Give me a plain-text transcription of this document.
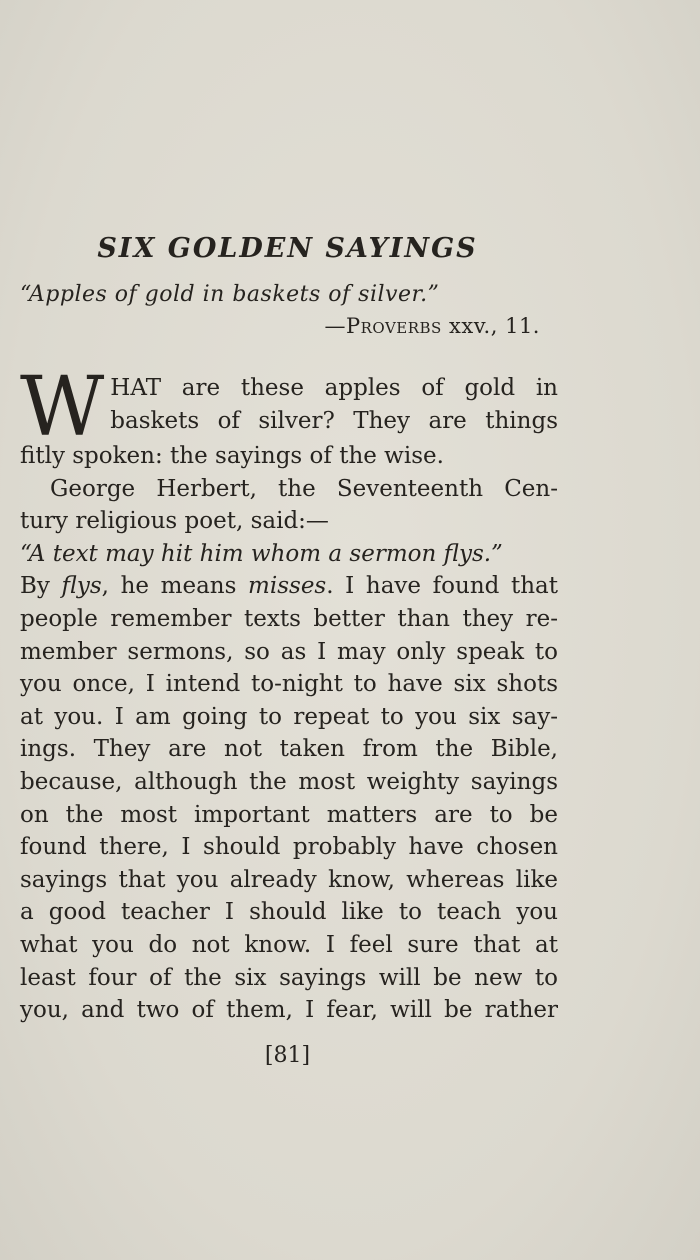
SIX GOLDEN SAYINGS
“Apples of gold in baskets of silver.”
—Proverbs xxv., 11.
W HAT are these apples of gold in
baskets of silver? They are things
fitly spoken: the sayings of the wise.
George Herbert, the Seventeenth Cen-
tury religious poet, said:—
“A text may hit him whom a sermon flys.”
By flys, he means misses. I have found that
people remember texts better than they re-
member sermons, so as I may only speak to
you once, I intend to-night to have six shots
at you. I am going to repeat to you six say-
ings. They are not taken from the Bible,
because, although the most weighty sayings
on the most important matters are to be
found there, I should probably have chosen
sayings that you already know, whereas like
a good teacher I should like to teach you
what you do not know. I feel sure that at
least four of the six sayings will be new to
you, and two of them, I fear, will be rather
[81]
